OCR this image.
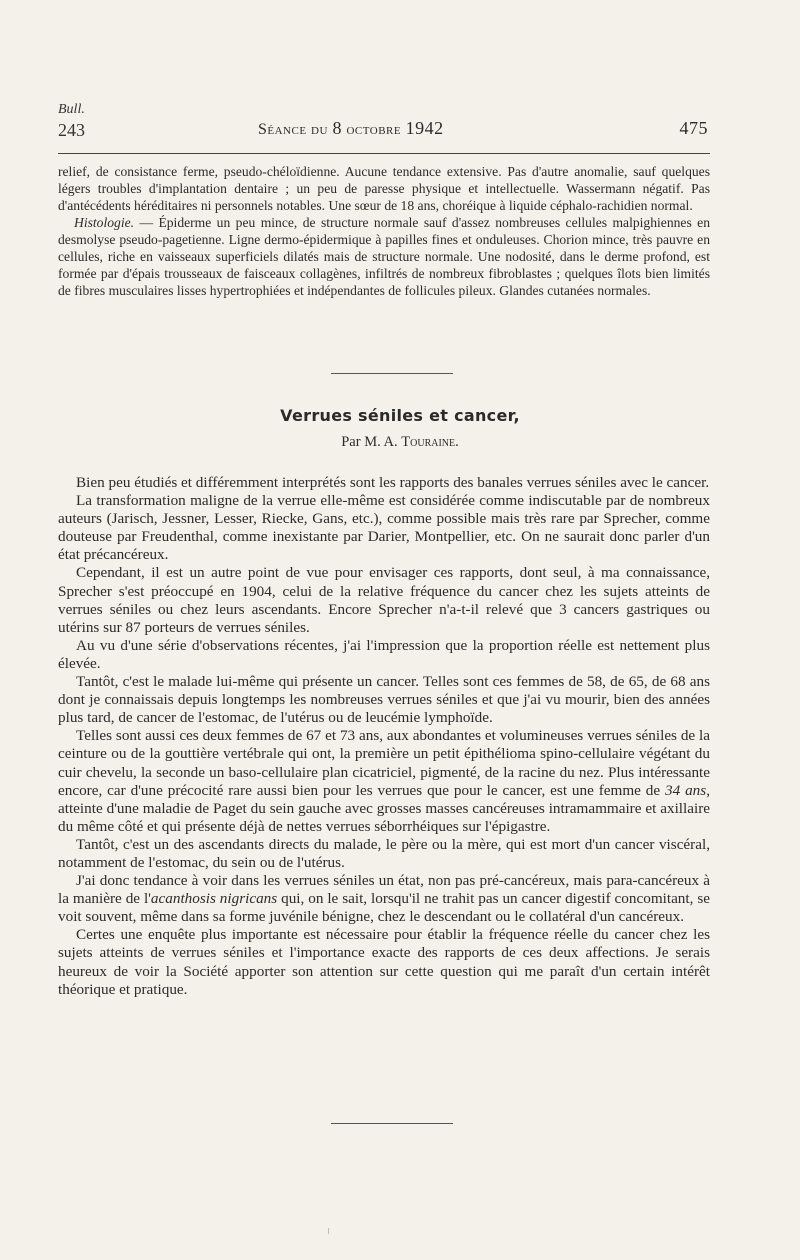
Bull.
243	Séance du 8 octobre 1942	475

relief, de consistance ferme, pseudo-chéloïdienne. Aucune tendance extensive. Pas d'autre anomalie, sauf quelques légers troubles d'implantation dentaire ; un peu de paresse physique et intellectuelle. Wassermann négatif. Pas d'antécédents héréditaires ni personnels notables. Une sœur de 18 ans, choréique à liquide céphalo-rachidien normal.

Histologie. — Épiderme un peu mince, de structure normale sauf d'assez nombreuses cellules malpighiennes en desmolyse pseudo-pagetienne. Ligne dermo-épidermique à papilles fines et onduleuses. Chorion mince, très pauvre en cellules, riche en vaisseaux superficiels dilatés mais de structure normale. Une nodosité, dans le derme profond, est formée par d'épais trousseaux de faisceaux collagènes, infiltrés de nombreux fibroblastes ; quelques îlots bien limités de fibres musculaires lisses hypertrophiées et indépendantes de follicules pileux. Glandes cutanées normales.

Verrues séniles et cancer,
Par M. A. Touraine.

Bien peu étudiés et différemment interprétés sont les rapports des banales verrues séniles avec le cancer.

La transformation maligne de la verrue elle-même est considérée comme indiscutable par de nombreux auteurs (Jarisch, Jessner, Lesser, Riecke, Gans, etc.), comme possible mais très rare par Sprecher, comme douteuse par Freudenthal, comme inexistante par Darier, Montpellier, etc. On ne saurait donc parler d'un état précancéreux.

Cependant, il est un autre point de vue pour envisager ces rapports, dont seul, à ma connaissance, Sprecher s'est préoccupé en 1904, celui de la relative fréquence du cancer chez les sujets atteints de verrues séniles ou chez leurs ascendants. Encore Sprecher n'a-t-il relevé que 3 cancers gastriques ou utérins sur 87 porteurs de verrues séniles.

Au vu d'une série d'observations récentes, j'ai l'impression que la proportion réelle est nettement plus élevée.

Tantôt, c'est le malade lui-même qui présente un cancer. Telles sont ces femmes de 58, de 65, de 68 ans dont je connaissais depuis longtemps les nombreuses verrues séniles et que j'ai vu mourir, bien des années plus tard, de cancer de l'estomac, de l'utérus ou de leucémie lymphoïde.

Telles sont aussi ces deux femmes de 67 et 73 ans, aux abondantes et volumineuses verrues séniles de la ceinture ou de la gouttière vertébrale qui ont, la première un petit épithélioma spino-cellulaire végétant du cuir chevelu, la seconde un baso-cellulaire plan cicatriciel, pigmenté, de la racine du nez. Plus intéressante encore, car d'une précocité rare aussi bien pour les verrues que pour le cancer, est une femme de 34 ans, atteinte d'une maladie de Paget du sein gauche avec grosses masses cancéreuses intramammaire et axillaire du même côté et qui présente déjà de nettes verrues séborrhéiques sur l'épigastre.

Tantôt, c'est un des ascendants directs du malade, le père ou la mère, qui est mort d'un cancer viscéral, notamment de l'estomac, du sein ou de l'utérus.

J'ai donc tendance à voir dans les verrues séniles un état, non pas pré-cancéreux, mais para-cancéreux à la manière de l'acanthosis nigricans qui, on le sait, lorsqu'il ne trahit pas un cancer digestif concomitant, se voit souvent, même dans sa forme juvénile bénigne, chez le descendant ou le collatéral d'un cancéreux.

Certes une enquête plus importante est nécessaire pour établir la fréquence réelle du cancer chez les sujets atteints de verrues séniles et l'importance exacte des rapports de ces deux affections. Je serais heureux de voir la Société apporter son attention sur cette question qui me paraît d'un certain intérêt théorique et pratique.
